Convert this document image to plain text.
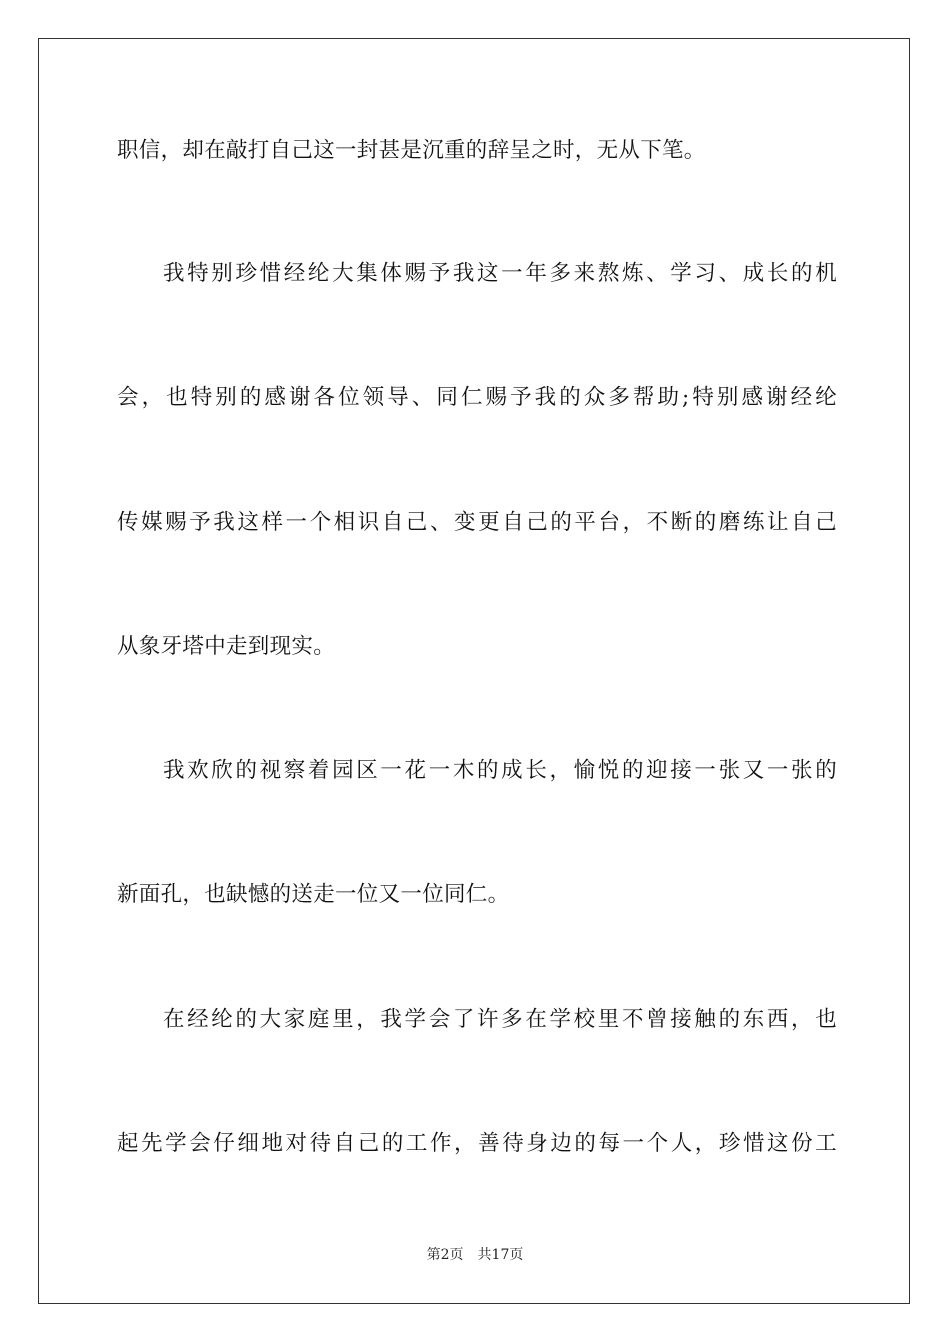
职信，却在敲打自己这一封甚是沉重的辞呈之时，无从下笔。
我特别珍惜经纶大集体赐予我这一年多来熬炼、学习、成长的机
会，也特别的感谢各位领导、同仁赐予我的众多帮助;特别感谢经纶
传媒赐予我这样一个相识自己、变更自己的平台，不断的磨练让自己
从象牙塔中走到现实。
我欢欣的视察着园区一花一木的成长，愉悦的迎接一张又一张的
新面孔，也缺憾的送走一位又一位同仁。
在经纶的大家庭里，我学会了许多在学校里不曾接触的东西，也
起先学会仔细地对待自己的工作，善待身边的每一个人，珍惜这份工
第2页　共17页
